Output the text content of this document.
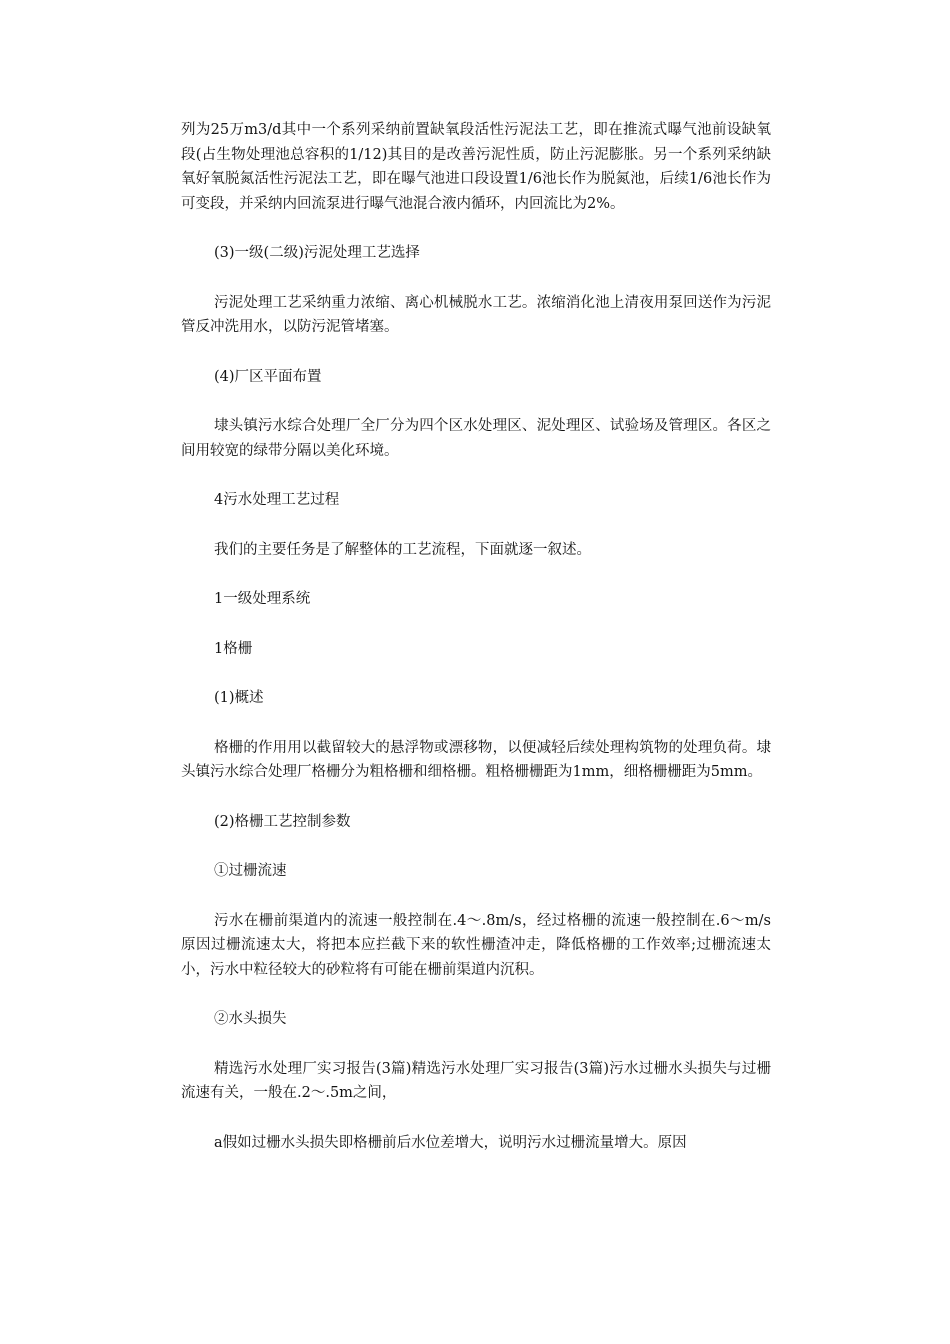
列为25万m3/d其中一个系列采纳前置缺氧段活性污泥法工艺，即在推流式曝气池前设缺氧段(占生物处理池总容积的1/12)其目的是改善污泥性质，防止污泥膨胀。另一个系列采纳缺氧好氧脱氮活性污泥法工艺，即在曝气池进口段设置1/6池长作为脱氮池，后续1/6池长作为可变段，并采纳内回流泵进行曝气池混合液内循环，内回流比为2%。

(3)一级(二级)污泥处理工艺选择

污泥处理工艺采纳重力浓缩、离心机械脱水工艺。浓缩消化池上清夜用泵回送作为污泥管反冲洗用水，以防污泥管堵塞。

(4)厂区平面布置

埭头镇污水综合处理厂全厂分为四个区水处理区、泥处理区、试验场及管理区。各区之间用较宽的绿带分隔以美化环境。

4污水处理工艺过程

我们的主要任务是了解整体的工艺流程，下面就逐一叙述。

1一级处理系统

1格栅

(1)概述

格栅的作用用以截留较大的悬浮物或漂移物，以便减轻后续处理构筑物的处理负荷。埭头镇污水综合处理厂格栅分为粗格栅和细格栅。粗格栅栅距为1mm，细格栅栅距为5mm。

(2)格栅工艺控制参数

①过栅流速

污水在栅前渠道内的流速一般控制在.4～.8m/s，经过格栅的流速一般控制在.6～m/s原因过栅流速太大，将把本应拦截下来的软性栅渣冲走，降低格栅的工作效率;过栅流速太小，污水中粒径较大的砂粒将有可能在栅前渠道内沉积。

②水头损失

精选污水处理厂实习报告(3篇)精选污水处理厂实习报告(3篇)污水过栅水头损失与过栅流速有关，一般在.2～.5m之间，

a假如过栅水头损失即格栅前后水位差增大，说明污水过栅流量增大。原因
